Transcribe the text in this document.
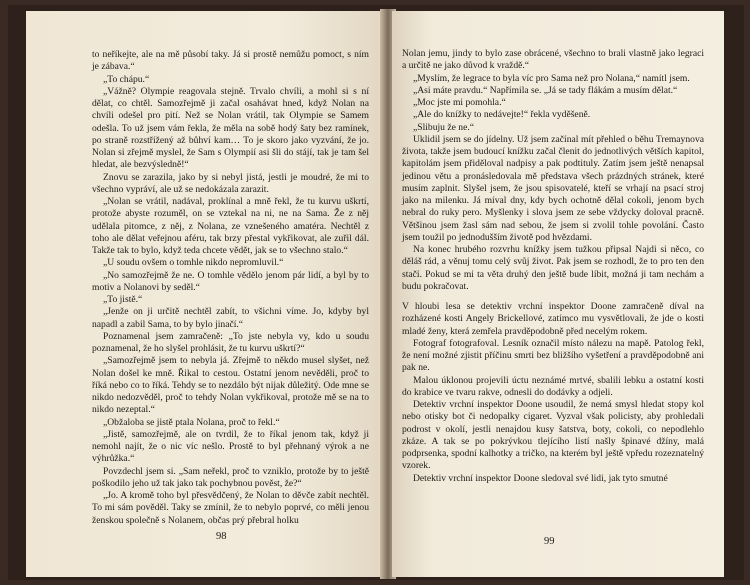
to neříkejte, ale na mě působí taky. Já si prostě nemůžu pomoct, s ním je zábava.“

„To chápu.“

„Vážně? Olympie reagovala stejně. Trvalo chvíli, a mohl si s ní dělat, co chtěl. Samozřejmě ji začal osahávat hned, když Nolan na chvíli odešel pro pití. Než se Nolan vrátil, tak Olympie se Samem odešla. To už jsem vám řekla, že měla na sobě hodý šaty bez ramínek, po straně rozstřížený až bůhví kam… To je skoro jako vyzvání, že jo. Nolan si zřejmě myslel, že Sam s Olympií asi šli do stájí, tak je tam šel hledat, ale bezvýsledně!“

Znovu se zarazila, jako by si nebyl jistá, jestli je moudré, že mi to všechno vypráví, ale už se nedokázala zarazit.

„Nolan se vrátil, nadával, proklínal a mně řekl, že tu kurvu uškrtí, protože abyste rozuměl, on se vztekal na ni, ne na Sama. Že z něj udělala pitomce, z něj, z Nolana, ze vznešeného amatéra. Nechtěl z toho ale dělat veřejnou aféru, tak brzy přestal vykřikovat, ale zuřil dál. Takže tak to bylo, když teda chcete vědět, jak se to všechno stalo.“

„U soudu ovšem o tomhle nikdo nepromluvil.“

„No samozřejmě že ne. O tomhle vědělo jenom pár lidí, a byl by to motiv a Nolanovi by seděl.“

„To jistě.“

„Jenže on ji určitě nechtěl zabít, to všichni víme. Jo, kdyby byl napadl a zabil Sama, to by bylo jinačí.“

Poznamenal jsem zamračeně: „To jste nebyla vy, kdo u soudu poznamenal, že ho slyšel prohlásit, že tu kurvu uškrtí?“

„Samozřejmě jsem to nebyla já. Zřejmě to někdo musel slyšet, než Nolan došel ke mně. Řikal to cestou. Ostatní jenom nevěděli, proč to říká nebo co to říká. Tehdy se to nezdálo být nijak důležitý. Ode mne se nikdo nedozvěděl, proč to tehdy Nolan vykřikoval, protože mě se na to nikdo nezeptal.“

„Obžaloba se jistě ptala Nolana, proč to řekl.“

„Jistě, samozřejmě, ale on tvrdil, že to říkal jenom tak, když ji nemohl najít, že o nic víc nešlo. Prostě to byl přehnaný výrok a ne výhrůžka.“

Povzdechl jsem si. „Sam neřekl, proč to vzniklo, protože by to ještě poškodilo jeho už tak jako tak pochybnou pověst, že?“

„Jo. A kromě toho byl přesvědčený, že Nolan to děvče zabít nechtěl. To mi sám pověděl. Taky se zmínil, že to nebylo poprvé, co měli jenou ženskou společně s Nolanem, občas prý přebral holku

98

Nolan jemu, jindy to bylo zase obrácené, všechno to brali vlastně jako legraci a určitě ne jako důvod k vraždě.“

„Myslím, že legrace to byla víc pro Sama než pro Nolana,“ namítl jsem.

„Asi máte pravdu.“ Napřímila se. „Já se tady flákám a musím dělat.“

„Moc jste mi pomohla.“

„Ale do knížky to nedávejte!“ řekla vyděšeně.

„Slibuju že ne.“

Uklidil jsem se do jídelny. Už jsem začínal mít přehled o běhu Tremaynova života, takže jsem budoucí knížku začal členit do jednotlivých větších kapitol, kapitolám jsem přiděloval nadpisy a pak podtituly. Zatím jsem ještě nenapsal jedinou větu a pronásledovala mě představa všech prázdných stránek, které musím zaplnit. Slyšel jsem, že jsou spisovatelé, kteří se vrhají na psací stroj jako na milenku. Já míval dny, kdy bych ochotně dělal cokoli, jenom bych nebral do ruky pero. Myšlenky i slova jsem ze sebe vždycky doloval pracně. Většinou jsem žasl sám nad sebou, že jsem si zvolil tohle povolání. Často jsem toužil po jednodušším životě pod hvězdami.

Na konec hrubého rozvrhu knížky jsem tužkou připsal Najdi si něco, co děláš rád, a věnuj tomu celý svůj život. Pak jsem se rozhodl, že to pro ten den stačí. Pokud se mi ta věta druhý den ještě bude líbit, možná ji tam nechám a budu pokračovat.

V hloubi lesa se detektiv vrchní inspektor Doone zamračeně díval na rozházené kosti Angely Brickellové, zatímco mu vysvětlovali, že jde o kosti mladé ženy, která zemřela pravděpodobně před necelým rokem.

Fotograf fotografoval. Lesník označil místo nálezu na mapě. Patolog řekl, že není možné zjistit příčinu smrti bez bližšího vyšetření a pravděpodobně ani pak ne.

Malou úklonou projevili úctu neznámé mrtvé, sbalili lebku a ostatní kosti do krabice ve tvaru rakve, odnesli do dodávky a odjeli.

Detektiv vrchní inspektor Doone usoudil, že nemá smysl hledat stopy kol nebo otisky bot či nedopalky cigaret. Vyzval však policisty, aby prohledali podrost v okolí, jestli nenajdou kusy šatstva, boty, cokoli, co nepodlehlo zkáze. A tak se po pokrývkou tlejícího listí našly špinavé džíny, malá podprsenka, spodní kalhotky a tričko, na kterém byl ještě vpředu rozeznatelný vzorek.

Detektiv vrchní inspektor Doone sledoval své lidi, jak tyto smutné

99
